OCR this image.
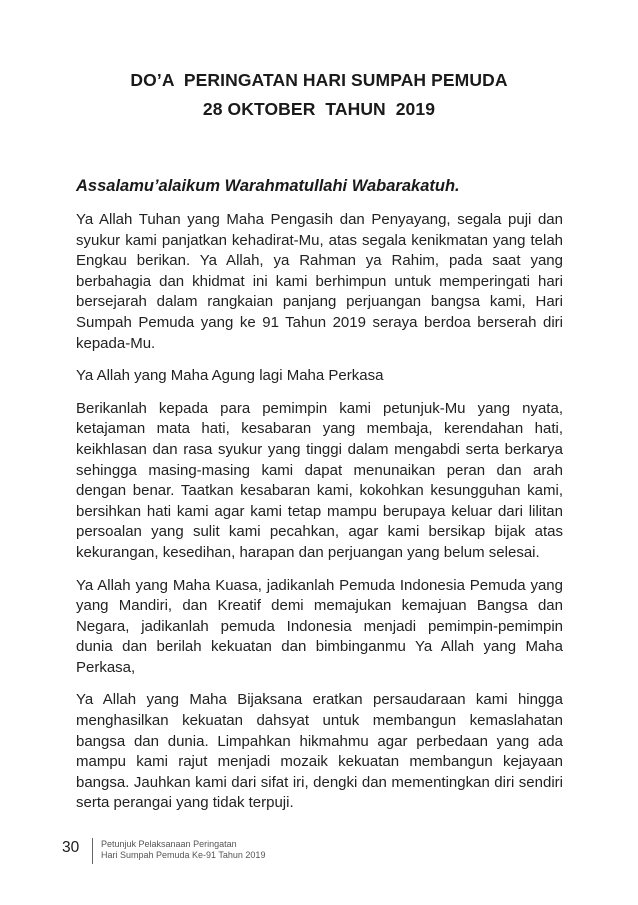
DO’A  PERINGATAN HARI SUMPAH PEMUDA
28 OKTOBER  TAHUN  2019

Assalamu’alaikum Warahmatullahi Wabarakatuh.

Ya Allah Tuhan yang Maha Pengasih dan Penyayang, segala puji dan syukur kami panjatkan kehadirat-Mu, atas segala kenikmatan yang telah Engkau berikan. Ya Allah, ya Rahman ya Rahim, pada saat yang berbahagia dan khidmat ini kami berhimpun untuk memperingati hari bersejarah dalam rangkaian panjang perjuangan bangsa kami, Hari Sumpah Pemuda yang ke 91 Tahun 2019 seraya berdoa berserah diri kepada-Mu.

Ya Allah yang Maha Agung lagi Maha Perkasa

Berikanlah kepada para pemimpin kami petunjuk-Mu yang nyata, ketajaman mata hati, kesabaran yang membaja, kerendahan hati, keikhlasan dan rasa syukur yang tinggi dalam mengabdi serta berkarya sehingga masing-masing kami dapat menunaikan peran dan arah dengan benar. Taatkan kesabaran kami, kokohkan kesungguhan kami, bersihkan hati kami agar kami tetap mampu berupaya keluar dari lilitan persoalan yang sulit kami pecahkan, agar kami bersikap bijak atas kekurangan, kesedihan, harapan dan perjuangan yang belum selesai.

Ya Allah yang Maha Kuasa, jadikanlah Pemuda Indonesia Pemuda yang yang Mandiri, dan Kreatif demi memajukan kemajuan Bangsa dan Negara, jadikanlah pemuda Indonesia menjadi pemimpin-pemimpin dunia dan berilah kekuatan dan bimbinganmu Ya Allah yang Maha Perkasa,

Ya Allah yang Maha Bijaksana eratkan persaudaraan kami hingga menghasilkan kekuatan dahsyat untuk membangun kemaslahatan bangsa dan dunia. Limpahkan hikmahmu agar perbedaan yang ada mampu kami rajut menjadi mozaik kekuatan membangun kejayaan bangsa. Jauhkan kami dari sifat iri, dengki dan mementingkan diri sendiri serta perangai yang tidak terpuji.

30	Petunjuk Pelaksanaan Peringatan
Hari Sumpah Pemuda Ke-91 Tahun 2019
